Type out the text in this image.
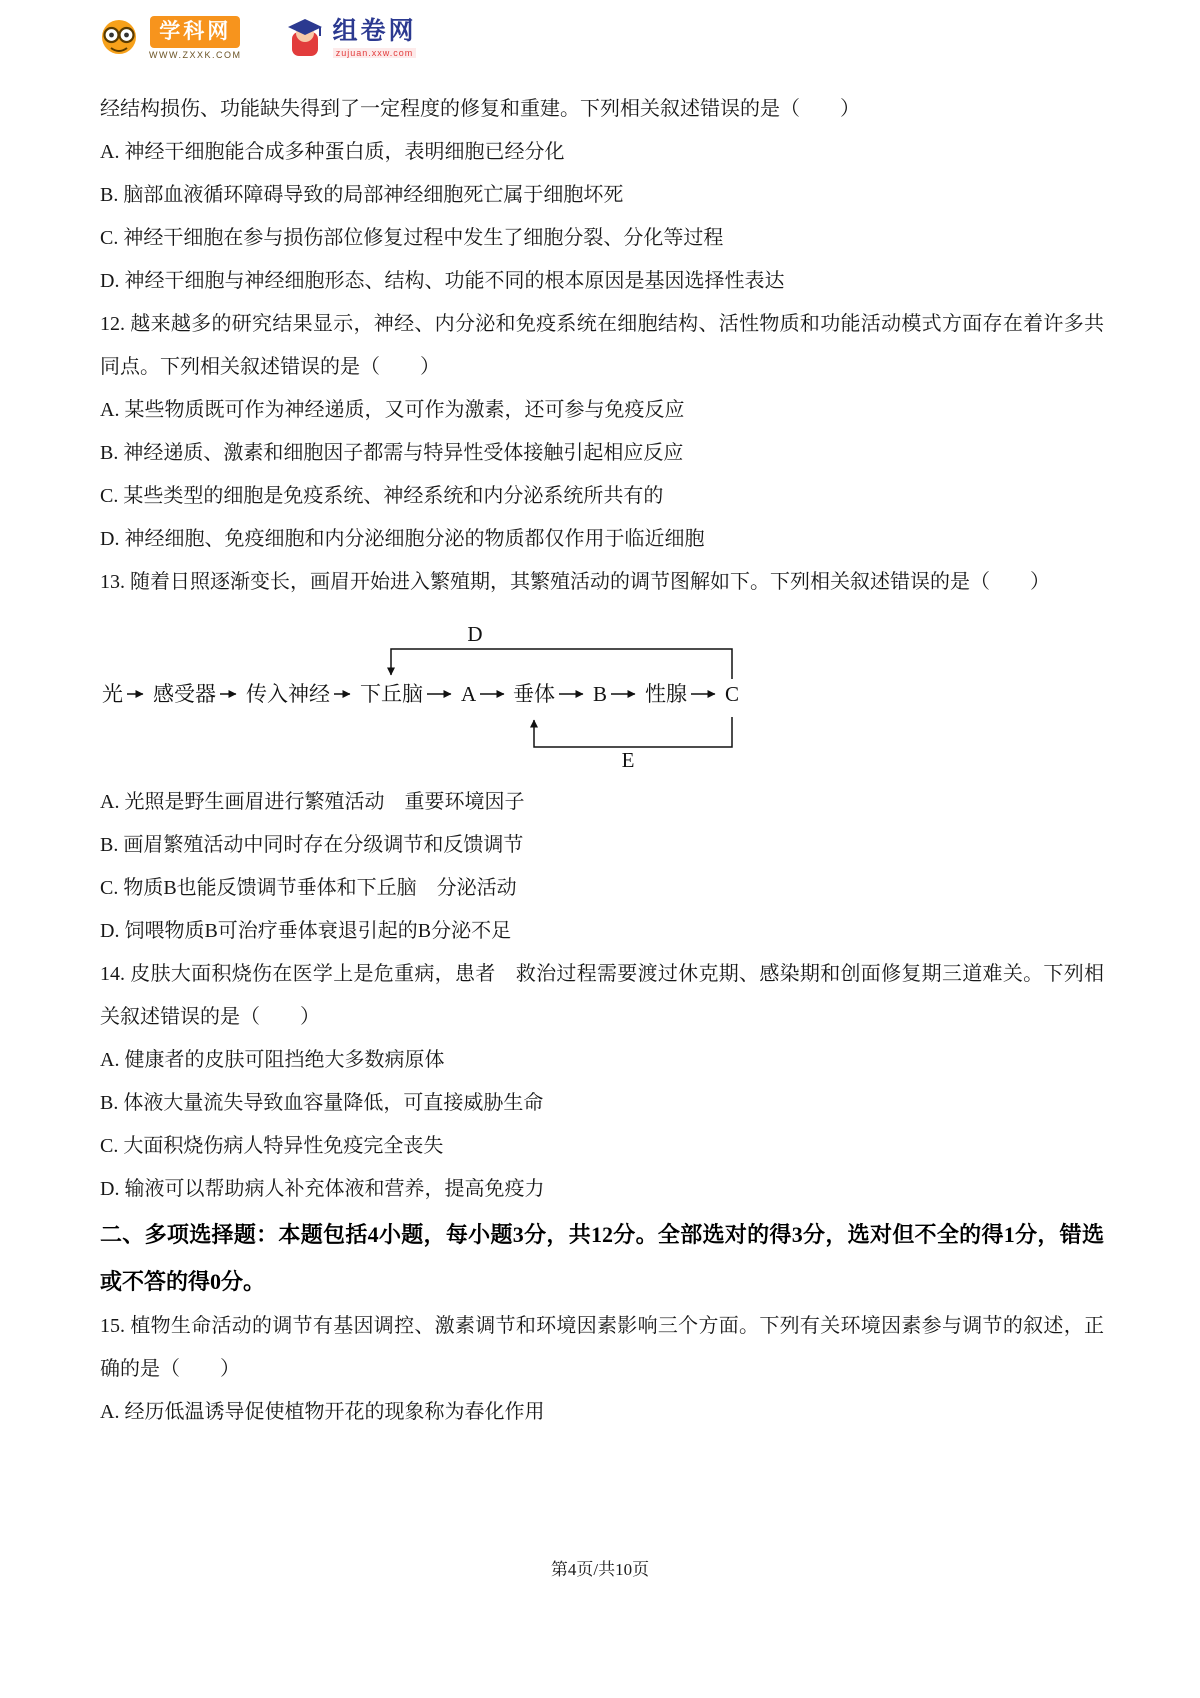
学科网
WWW.ZXXK.COM
组卷网
zujuan.xxw.com

经结构损伤、功能缺失得到了一定程度的修复和重建。下列相关叙述错误的是（　　）

A. 神经干细胞能合成多种蛋白质，表明细胞已经分化

B. 脑部血液循环障碍导致的局部神经细胞死亡属于细胞坏死

C. 神经干细胞在参与损伤部位修复过程中发生了细胞分裂、分化等过程

D. 神经干细胞与神经细胞形态、结构、功能不同的根本原因是基因选择性表达

12. 越来越多的研究结果显示，神经、内分泌和免疫系统在细胞结构、活性物质和功能活动模式方面存在着许多共同点。下列相关叙述错误的是（　　）

A. 某些物质既可作为神经递质，又可作为激素，还可参与免疫反应

B. 神经递质、激素和细胞因子都需与特异性受体接触引起相应反应

C. 某些类型的细胞是免疫系统、神经系统和内分泌系统所共有的

D. 神经细胞、免疫细胞和内分泌细胞分泌的物质都仅作用于临近细胞

13. 随着日照逐渐变长，画眉开始进入繁殖期，其繁殖活动的调节图解如下。下列相关叙述错误的是（　　）

光 感受器 传入神经 下丘脑 A 垂体 B 性腺 C
D
E

A. 光照是野生画眉进行繁殖活动　重要环境因子

B. 画眉繁殖活动中同时存在分级调节和反馈调节

C. 物质B也能反馈调节垂体和下丘脑　分泌活动

D. 饲喂物质B可治疗垂体衰退引起的B分泌不足

14. 皮肤大面积烧伤在医学上是危重病，患者　救治过程需要渡过休克期、感染期和创面修复期三道难关。下列相关叙述错误的是（　　）

A. 健康者的皮肤可阻挡绝大多数病原体

B. 体液大量流失导致血容量降低，可直接威胁生命

C. 大面积烧伤病人特异性免疫完全丧失

D. 输液可以帮助病人补充体液和营养，提高免疫力

二、多项选择题：本题包括4小题，每小题3分，共12分。全部选对的得3分，选对但不全的得1分，错选或不答的得0分。

15. 植物生命活动的调节有基因调控、激素调节和环境因素影响三个方面。下列有关环境因素参与调节的叙述，正确的是（　　）

A. 经历低温诱导促使植物开花的现象称为春化作用

第4页/共10页
